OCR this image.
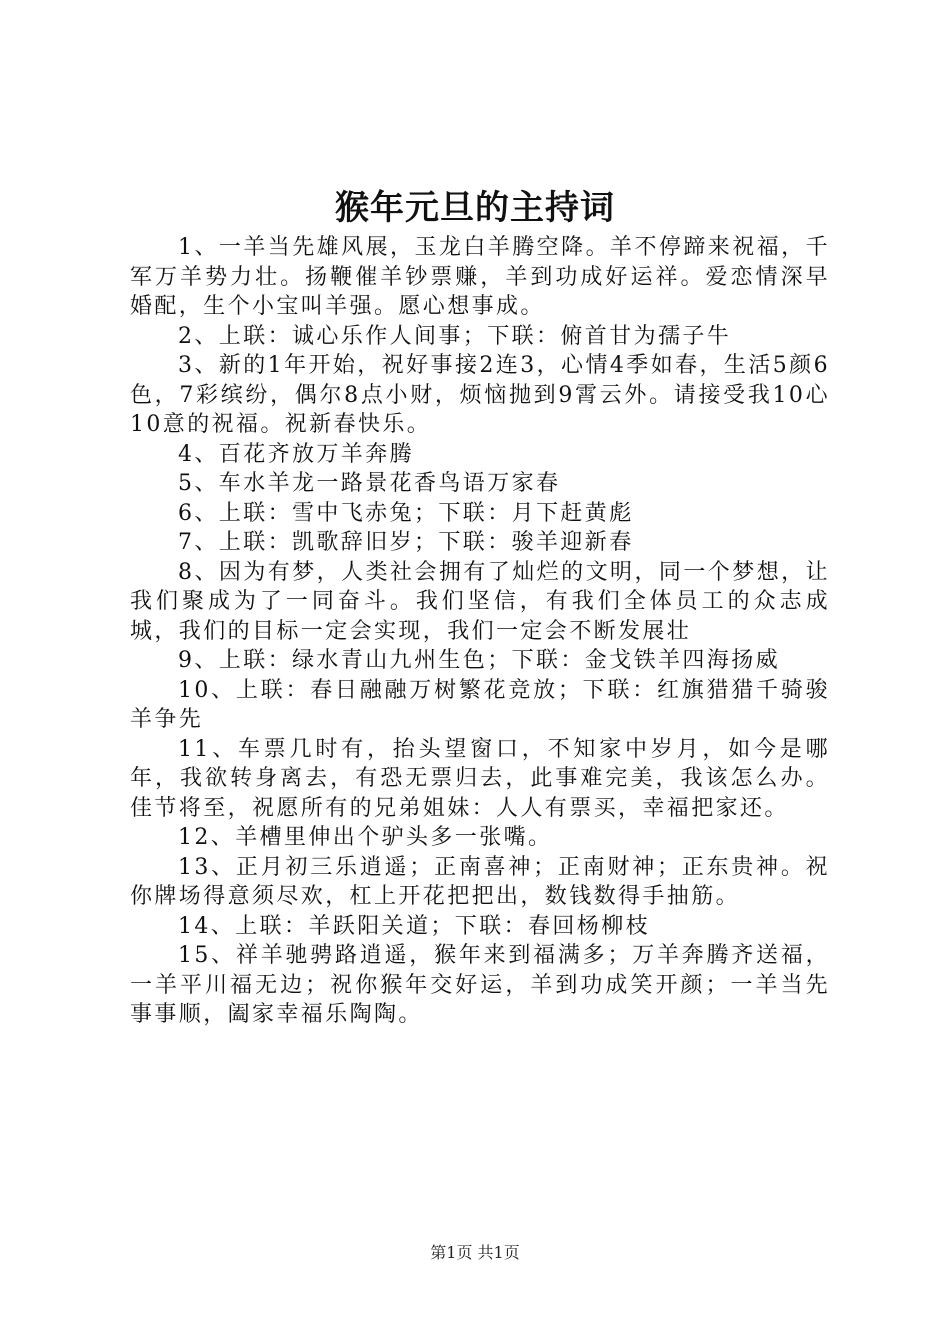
猴年元旦的主持词

1、一羊当先雄风展，玉龙白羊腾空降。羊不停蹄来祝福，千军万羊势力壮。扬鞭催羊钞票赚，羊到功成好运祥。爱恋情深早婚配，生个小宝叫羊强。愿心想事成。

2、上联：诚心乐作人间事；下联：俯首甘为孺子牛

3、新的1年开始，祝好事接2连3，心情4季如春，生活5颜6色，7彩缤纷，偶尔8点小财，烦恼抛到9霄云外。请接受我10心10意的祝福。祝新春快乐。

4、百花齐放万羊奔腾

5、车水羊龙一路景花香鸟语万家春

6、上联：雪中飞赤兔；下联：月下赶黄彪

7、上联：凯歌辞旧岁；下联：骏羊迎新春

8、因为有梦，人类社会拥有了灿烂的文明，同一个梦想，让我们聚成为了一同奋斗。我们坚信，有我们全体员工的众志成城，我们的目标一定会实现，我们一定会不断发展壮

9、上联：绿水青山九州生色；下联：金戈铁羊四海扬威

10、上联：春日融融万树繁花竞放；下联：红旗猎猎千骑骏羊争先

11、车票几时有，抬头望窗口，不知家中岁月，如今是哪年，我欲转身离去，有恐无票归去，此事难完美，我该怎么办。佳节将至，祝愿所有的兄弟姐妹：人人有票买，幸福把家还。

12、羊槽里伸出个驴头多一张嘴。

13、正月初三乐逍遥；正南喜神；正南财神；正东贵神。祝你牌场得意须尽欢，杠上开花把把出，数钱数得手抽筋。

14、上联：羊跃阳关道；下联：春回杨柳枝

15、祥羊驰骋路逍遥，猴年来到福满多；万羊奔腾齐送福，一羊平川福无边；祝你猴年交好运，羊到功成笑开颜；一羊当先事事顺，阖家幸福乐陶陶。

第1页 共1页
